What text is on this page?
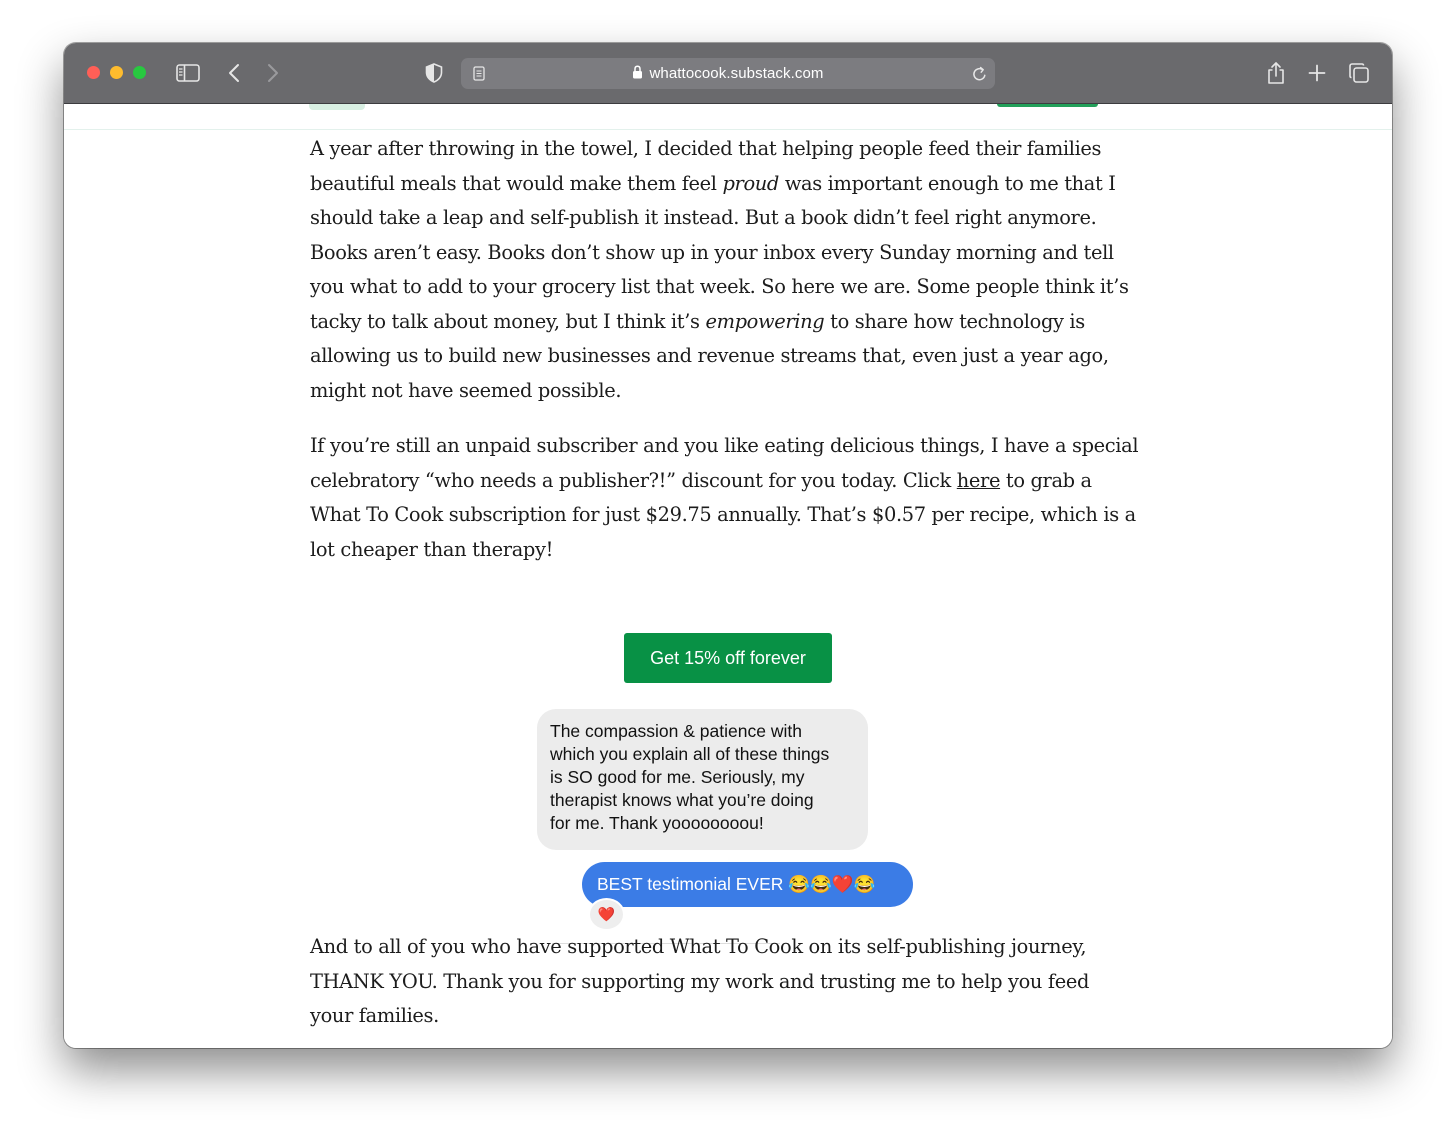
whattocook.substack.com
A year after throwing in the towel, I decided that helping people feed their families
beautiful meals that would make them feel proud was important enough to me that I
should take a leap and self-publish it instead. But a book didn’t feel right anymore.
Books aren’t easy. Books don’t show up in your inbox every Sunday morning and tell
you what to add to your grocery list that week. So here we are. Some people think it’s
tacky to talk about money, but I think it’s empowering to share how technology is
allowing us to build new businesses and revenue streams that, even just a year ago,
might not have seemed possible.
If you’re still an unpaid subscriber and you like eating delicious things, I have a special
celebratory “who needs a publisher?!” discount for you today. Click here to grab a
What To Cook subscription for just $29.75 annually. That’s $0.57 per recipe, which is a
lot cheaper than therapy!
Get 15% off forever
The compassion & patience with
which you explain all of these things
is SO good for me. Seriously, my
therapist knows what you’re doing
for me. Thank yoooooooou!
BEST testimonial EVER 😂😂❤️😂
❤️
And to all of you who have supported What To Cook on its self-publishing journey,
THANK YOU. Thank you for supporting my work and trusting me to help you feed
your families.
